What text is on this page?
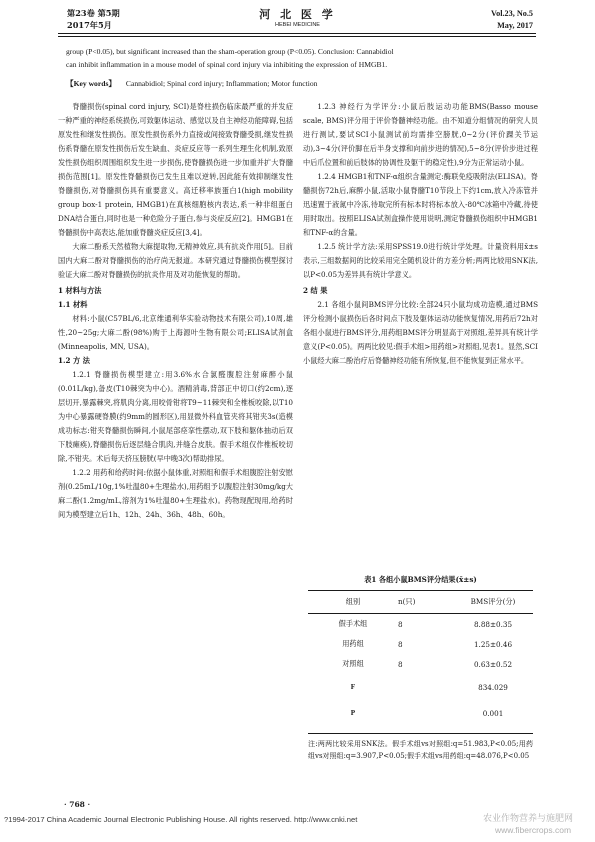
第23卷 第5期
2017年5月
河 北 医 学
HEBEI MEDICINE
Vol.23, No.5
May, 2017
group (P<0.05), but significant increased than the sham-operation group (P<0.05). Conclusion: Cannabidiol
can inhibit inflammation in a mouse model of spinal cord injury via inhibiting the expression of HMGB1.
【Key words】 Cannabidiol; Spinal cord injury; Inflammation; Motor function

脊髓损伤(spinal cord injury, SCI)是脊柱损伤临床最严重的并发症一种严重的神经系统损伤,可致躯体运动、感觉以及自主神经功能障碍,包括原发性和继发性损伤。原发性损伤系外力直接或间接致脊髓受损,继发性损伤系脊髓在原发性损伤后发生缺血、炎症反应等一系列生理生化机制,致原发性损伤组织周围组织发生进一步损伤,使脊髓损伤进一步加重并扩大脊髓损伤范围[1]。原发性脊髓损伤已发生且难以逆转,因此能有效抑制继发性脊髓损伤,对脊髓损伤具有重要意义。高迁移率族蛋白1(high mobility group box-1 protein, HMGB1)在真核细胞核内表达,系一种非组蛋白DNA结合蛋白,同时也是一种危险分子蛋白,参与炎症反应[2]。HMGB1在脊髓损伤中高表达,能加重脊髓炎症反应[3,4]。

大麻二酚系天然植物大麻提取物,无精神效应,具有抗炎作用[5]。目前国内大麻二酚对脊髓损伤的治疗尚无报道。本研究通过脊髓损伤模型探讨验证大麻二酚对脊髓损伤的抗炎作用及对功能恢复的帮助。

1 材料与方法

1.1 材料

材料:小鼠(C57BL/6,北京维通利华实验动物技术有限公司),10周,雄性,20~25g;大麻二酚(98%)购于上海源叶生物有限公司;ELISA试剂盒(Minneapolis, MN, USA)。

1.2 方 法

1.2.1 脊髓损伤模型建立:用3.6%水合氯醛腹腔注射麻醉小鼠(0.01L/kg),备皮(T10棘突为中心)。酒精消毒,背部正中切口(约2cm),逐层切开,暴露棘突,将肌肉分离,用咬骨钳将T9~11棘突和全椎板咬除,以T10为中心暴露硬脊膜(约9mm的圆形区),用显微外科血管夹将其钳夹3s(造模成功标志:钳夹脊髓损伤瞬间,小鼠尾部痉挛性摆动,双下肢和躯体抽动后双下肢瘫痪),脊髓损伤后逐层缝合肌肉,并缝合皮肤。假手术组仅作椎板咬切除,不钳夹。术后每天挤压膀胱(早中晚3次)帮助排尿。

1.2.2 用药和给药时间:依据小鼠体重,对照组和假手术组腹腔注射安慰剂(0.25mL/10g,1%吐温80+生理盐水),用药组予以腹腔注射30mg/kg大麻二酚(1.2mg/mL,溶剂为1%吐温80+生理盐水)。药物现配现用,给药时间为模型建立后1h、12h、24h、36h、48h、60h。

1.2.3 神经行为学评分:小鼠后肢运动功能BMS(Basso mouse scale, BMS)评分用于评价脊髓神经功能。由不知道分组情况的研究人员进行测试,要试SCI小鼠测试前均需排空膀胱,0~2分(评价踝关节运动),3~4分(评价脚在后半身支撑和向前步进的情况),5~8分(评价步进过程中后爪位置和前后肢体的协调性及躯干的稳定性),9分为正常运动小鼠。

1.2.4 HMGB1和TNF-α组织含量测定:酶联免疫吸附法(ELISA)。脊髓损伤72h后,麻醉小鼠,活取小鼠脊髓T10节段上下约1cm,放入冷冻管并迅速置于液氮中冷冻,待取完所有标本时将标本放入-80℃冰箱中冷藏,待使用时取出。按照ELISA试剂盒操作使用说明,测定脊髓损伤组织中HMGB1和TNF-α的含量。

1.2.5 统计学方法:采用SPSS19.0进行统计学处理。计量资料用x̄±s表示,三组数据间的比较采用完全随机设计的方差分析;两两比较用SNK法,以P<0.05为差异具有统计学意义。

2 结 果

2.1 各组小鼠间BMS评分比较:全部24只小鼠均成功造模,通过BMS评分检测小鼠损伤后各时间点下肢及躯体运动功能恢复情况,用药后72h对各组小鼠进行BMS评分,用药组BMS评分明显高于对照组,差异具有统计学意义(P<0.05)。两两比较见:假手术组>用药组>对照组,见表1。显然,SCI小鼠经大麻二酚治疗后脊髓神经功能有所恢复,但不能恢复到正常水平。

表1 各组小鼠BMS评分结果(x̄±s)
组别	n(只)	BMS评分(分)
假手术组	8	8.88±0.35
用药组	8	1.25±0.46
对照组	8	0.63±0.52
F		834.029
P		0.001
注:两两比较采用SNK法。假手术组vs对照组:q=51.983,P<0.05;用药组vs对照组:q=3.907,P<0.05;假手术组vs用药组:q=48.076,P<0.05
· 768 ·
?1994-2017 China Academic Journal Electronic Publishing House. All rights reserved. http://www.cnki.net	农业作物营养与施肥网
www.fibercrops.com
